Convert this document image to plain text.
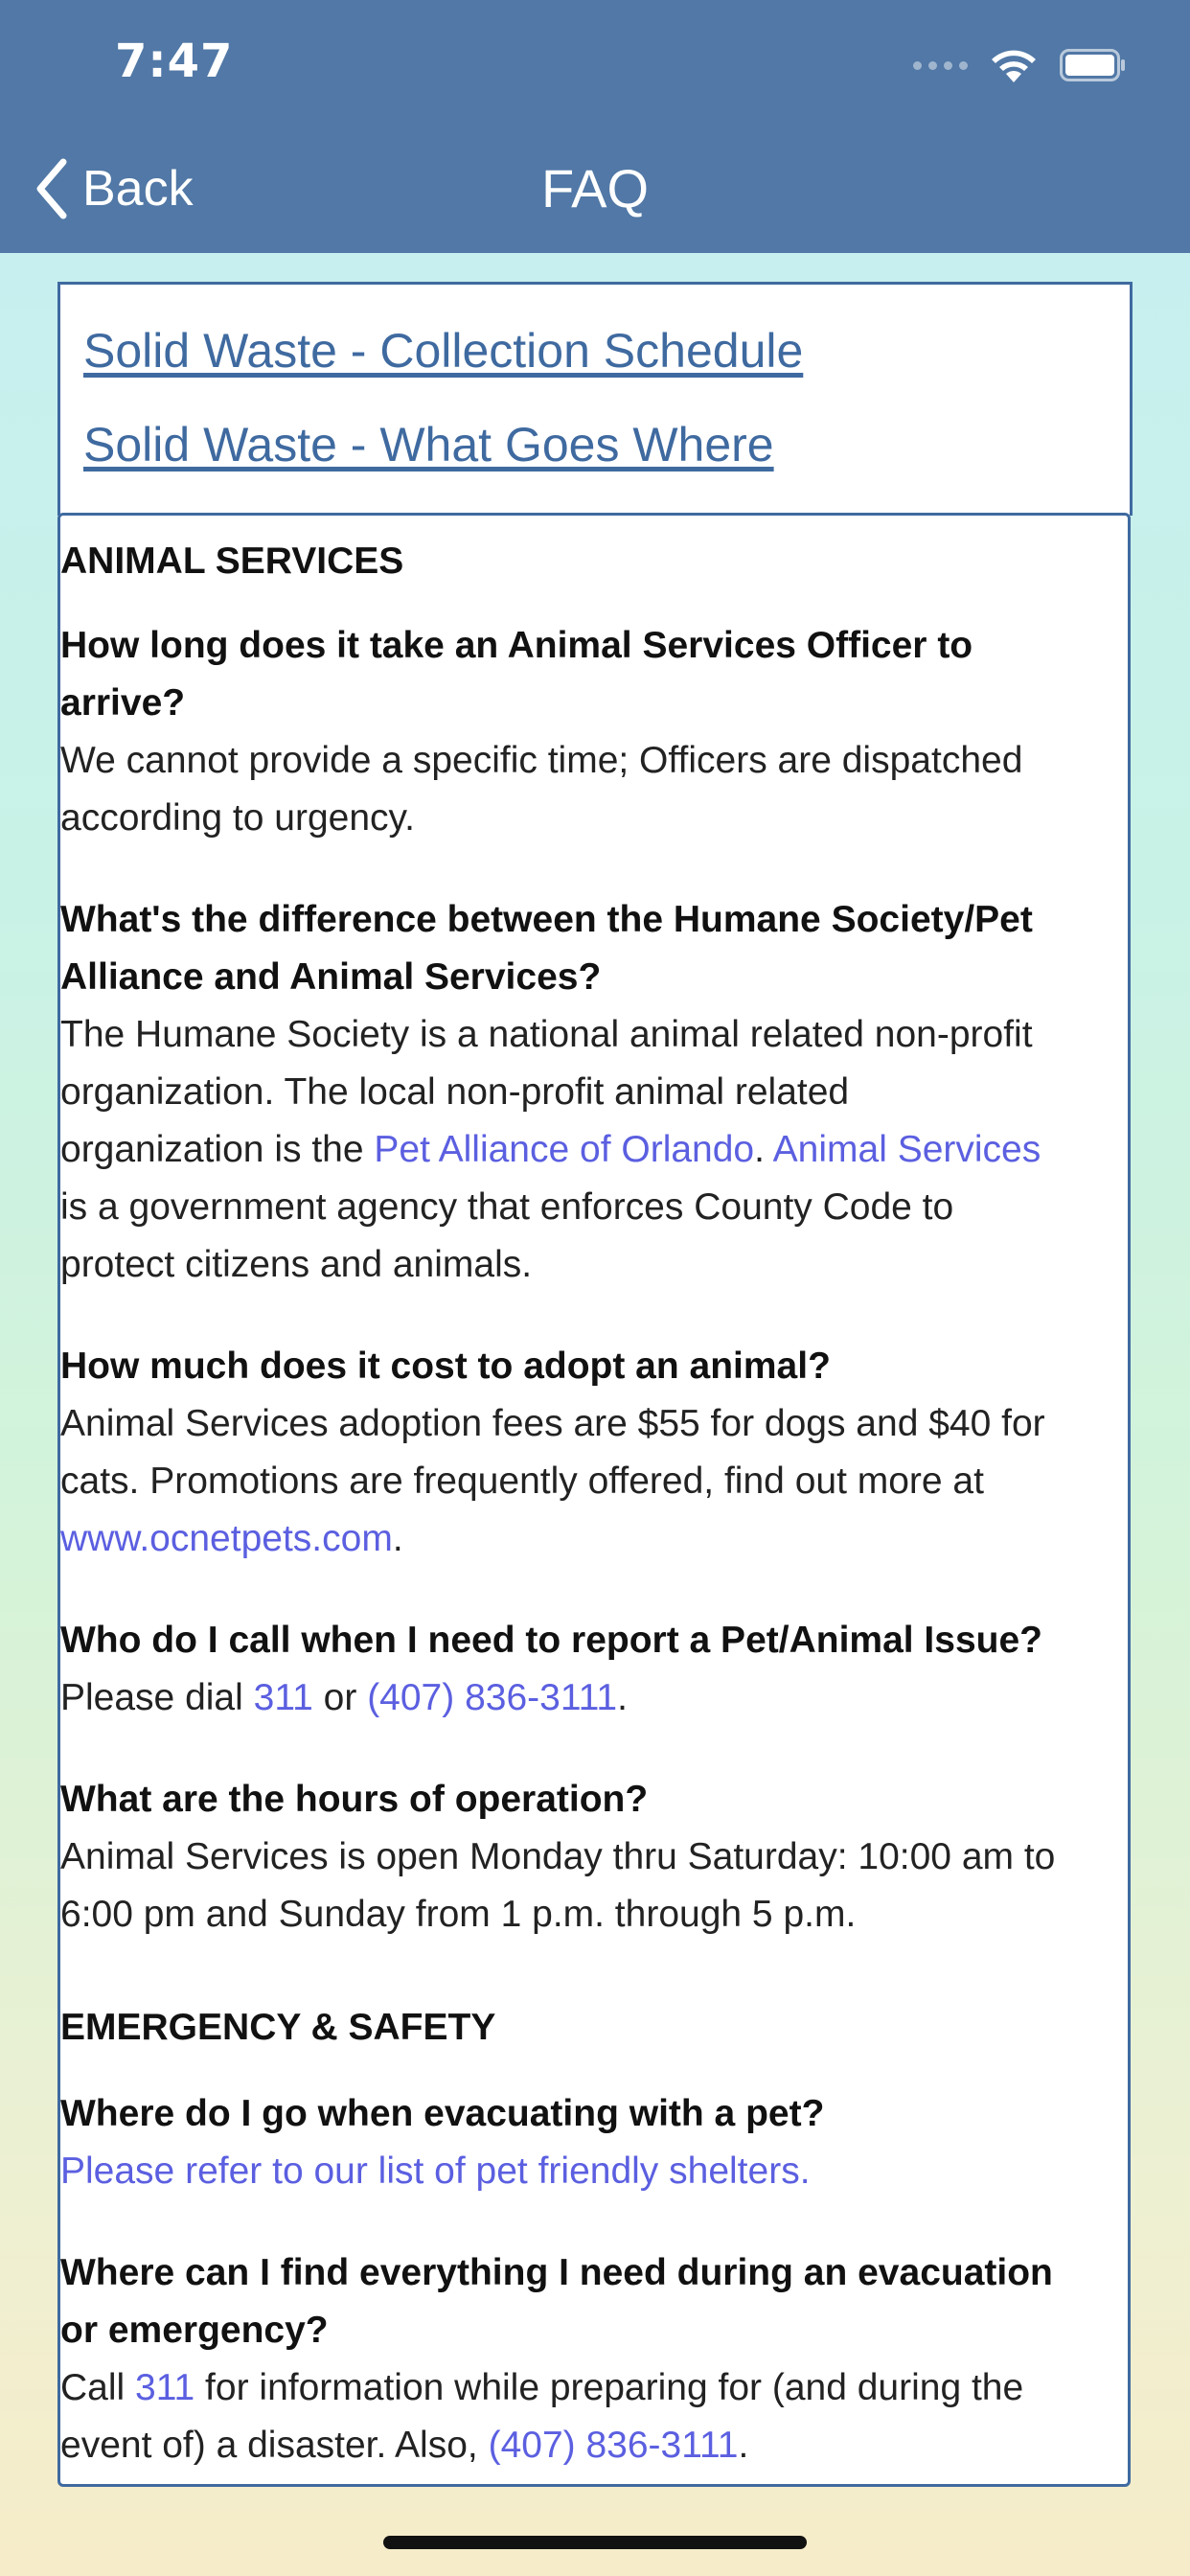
7:47
Back	FAQ
Solid Waste - Collection Schedule
Solid Waste - What Goes Where
ANIMAL SERVICES
How long does it take an Animal Services Officer to
arrive?
We cannot provide a specific time; Officers are dispatched
according to urgency.
What's the difference between the Humane Society/Pet
Alliance and Animal Services?
The Humane Society is a national animal related non-profit
organization. The local non-profit animal related
organization is the Pet Alliance of Orlando. Animal Services
is a government agency that enforces County Code to
protect citizens and animals.
How much does it cost to adopt an animal?
Animal Services adoption fees are $55 for dogs and $40 for
cats. Promotions are frequently offered, find out more at
www.ocnetpets.com.
Who do I call when I need to report a Pet/Animal Issue?
Please dial 311 or (407) 836-3111.
What are the hours of operation?
Animal Services is open Monday thru Saturday: 10:00 am to
6:00 pm and Sunday from 1 p.m. through 5 p.m.
EMERGENCY & SAFETY
Where do I go when evacuating with a pet?
Please refer to our list of pet friendly shelters.
Where can I find everything I need during an evacuation
or emergency?
Call 311 for information while preparing for (and during the
event of) a disaster. Also, (407) 836-3111.
